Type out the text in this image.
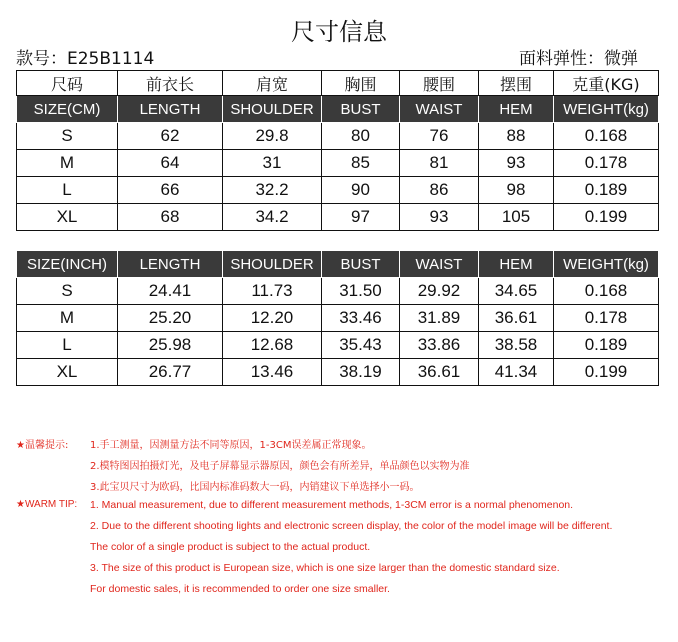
尺寸信息
款号：E25B1114	面料弹性：微弹
尺码	前衣长	肩宽	胸围	腰围	摆围	克重(KG)
SIZE(CM)	LENGTH	SHOULDER	BUST	WAIST	HEM	WEIGHT(kg)
S	62	29.8	80	76	88	0.168
M	64	31	85	81	93	0.178
L	66	32.2	90	86	98	0.189
XL	68	34.2	97	93	105	0.199
SIZE(INCH)	LENGTH	SHOULDER	BUST	WAIST	HEM	WEIGHT(kg)
S	24.41	11.73	31.50	29.92	34.65	0.168
M	25.20	12.20	33.46	31.89	36.61	0.178
L	25.98	12.68	35.43	33.86	38.58	0.189
XL	26.77	13.46	38.19	36.61	41.34	0.199
★温馨提示: 1.手工测量，因测量方法不同等原因，1-3CM误差属正常现象。
2.模特图因拍摄灯光，及电子屏幕显示器原因，颜色会有所差异，单品颜色以实物为准
3.此宝贝尺寸为欧码，比国内标准码数大一码，内销建议下单选择小一码。
★WARM TIP: 1. Manual measurement, due to different measurement methods, 1-3CM error is a normal phenomenon.
2. Due to the different shooting lights and electronic screen display, the color of the model image will be different.
The color of a single product is subject to the actual product.
3. The size of this product is European size, which is one size larger than the domestic standard size.
For domestic sales, it is recommended to order one size smaller.
